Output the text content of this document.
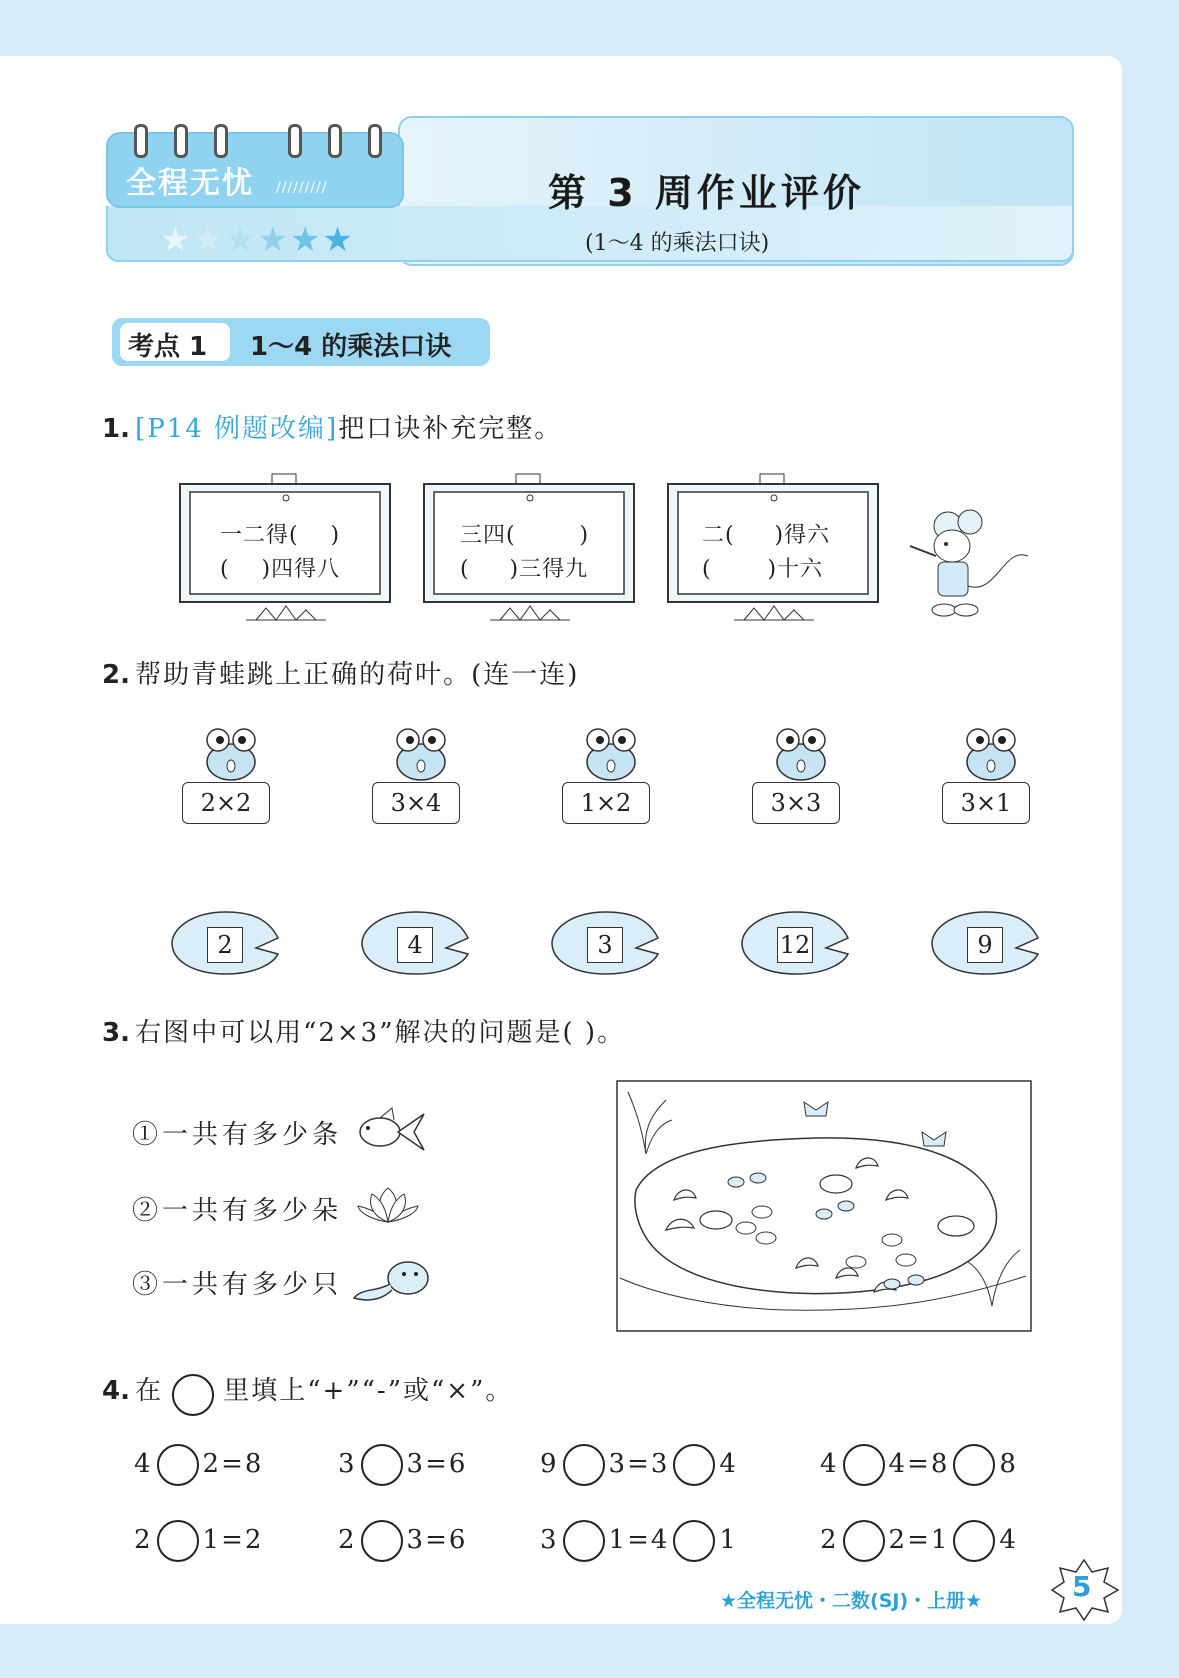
全程无忧 /////////	第 3 周作业评价
(1～4 的乘法口诀)
★★★★★★
考点 1 1～4 的乘法口诀
1. [P14 例题改编]把口诀补充完整。
一二得(    )
(    )四得八
三四(        )
(     )三得九
二(     )得六
(       )十六
2. 帮助青蛙跳上正确的荷叶。(连一连)
2×2	3×4	1×2	3×3	3×1
2	4	3	12	9
3. 右图中可以用“2×3”解决的问题是( )。
①一共有多少条
②一共有多少朵
③一共有多少只
4. 在 里填上“+”“-”或“×”。
4 2=8	3 3=6	9 3=3 4	4 4=8 8
2 1=2	2 3=6	3 1=4 1	2 2=1 4
★全程无忧・二数(SJ)・上册★	5
